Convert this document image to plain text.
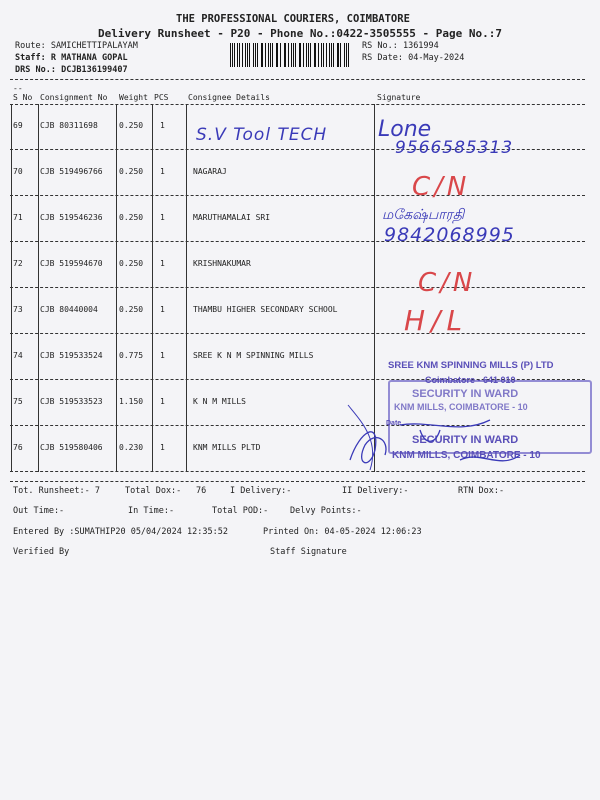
THE PROFESSIONAL COURIERS, COIMBATORE
Delivery Runsheet - P20 - Phone No.:0422-3505555 - Page No.:7
Route: SAMICHETTIPALAYAM
Staff: R MATHANA GOPAL
DRS No.: DCJB136199407
RS No.: 1361994
RS Date: 04-May-2024
--
S No Consignment No Weight PCS Consignee Details	Signature
69 CJB 80311698	0.250 1
70 CJB 519496766 0.250 1	NAGARAJ
71 CJB 519546236 0.250 1	MARUTHAMALAI SRI
72 CJB 519594670 0.250 1	KRISHNAKUMAR
73 CJB 80440004	0.250 1	THAMBU HIGHER SECONDARY SCHOOL
74 CJB 519533524 0.775 1	SREE K N M SPINNING MILLS
75 CJB 519533523 1.150 1	K N M MILLS
76 CJB 519580406 0.230 1	KNM MILLS PLTD
S.V Tool TECH Lone
9566585313
C/N
மகேஷ்பாரதி
9842068995
C/N
H/L
SREE KNM SPINNING MILLS (P) LTD
Coimbatore - 641 010
SECURITY IN WARD
KNM MILLS, COIMBATORE - 10
Date
SECURITY IN WARD
KNM MILLS, COIMBATORE - 10
Tot. Runsheet:- 7	Total Dox:- 76	I Delivery:-	II Delivery:-	RTN Dox:-
Out Time:-	In Time:-	Total POD:-	Delvy Points:-
Entered By :SUMATHIP20 05/04/2024 12:35:52	Printed On: 04-05-2024 12:06:23
Verified By	Staff Signature
